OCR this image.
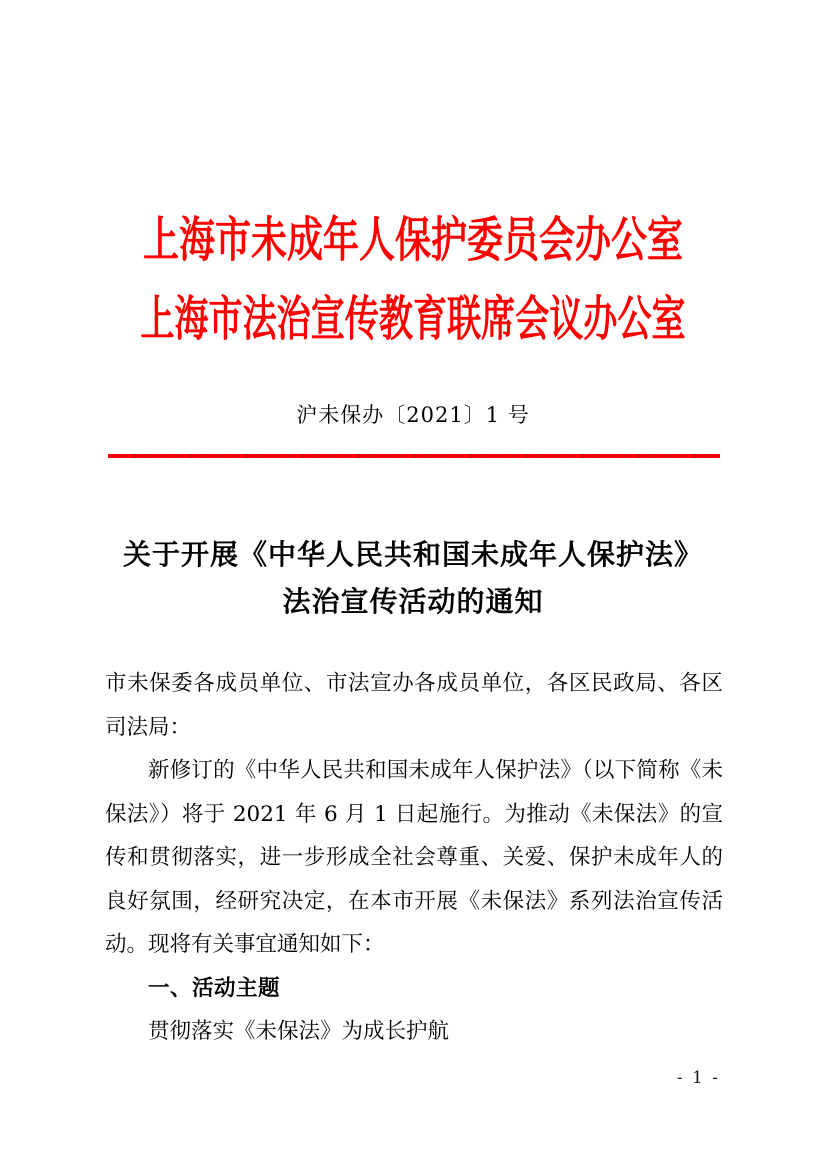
上海市未成年人保护委员会办公室
上海市法治宣传教育联席会议办公室
沪未保办〔2021〕1 号
关于开展《中华人民共和国未成年人保护法》
法治宣传活动的通知

市未保委各成员单位、市法宣办各成员单位，各区民政局、各区司法局：

新修订的《中华人民共和国未成年人保护法》（以下简称《未保法》）将于 2021 年 6 月 1 日起施行。为推动《未保法》的宣传和贯彻落实，进一步形成全社会尊重、关爱、保护未成年人的良好氛围，经研究决定，在本市开展《未保法》系列法治宣传活动。现将有关事宜通知如下：

一、活动主题

贯彻落实《未保法》为成长护航

- 1 -
